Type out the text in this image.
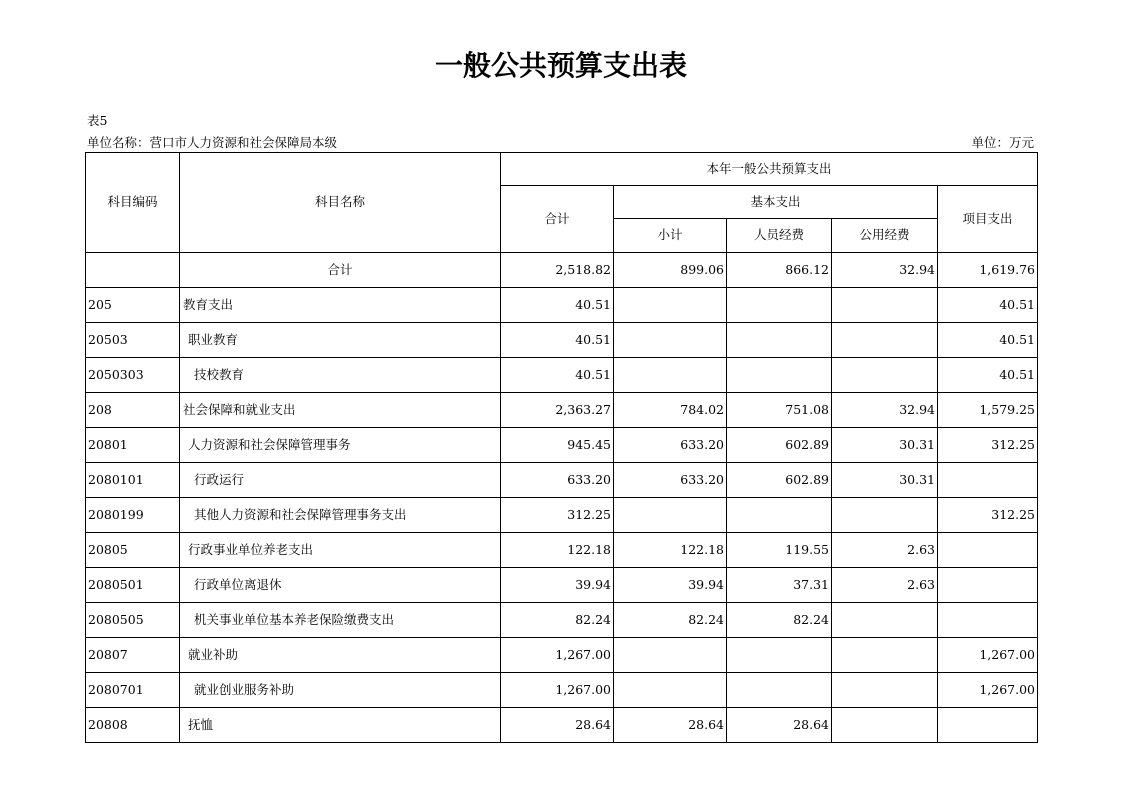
一般公共预算支出表
表5
单位名称：营口市人力资源和社会保障局本级	单位：万元
科目编码	科目名称	本年一般公共预算支出				
		合计	基本支出			项目支出
			小计	人员经费	公用经费	
	合计	2,518.82	899.06	866.12	32.94	1,619.76
205	教育支出	40.51				40.51
20503	职业教育	40.51				40.51
2050303	技校教育	40.51				40.51
208	社会保障和就业支出	2,363.27	784.02	751.08	32.94	1,579.25
20801	人力资源和社会保障管理事务	945.45	633.20	602.89	30.31	312.25
2080101	行政运行	633.20	633.20	602.89	30.31	
2080199	其他人力资源和社会保障管理事务支出	312.25				312.25
20805	行政事业单位养老支出	122.18	122.18	119.55	2.63	
2080501	行政单位离退休	39.94	39.94	37.31	2.63	
2080505	机关事业单位基本养老保险缴费支出	82.24	82.24	82.24		
20807	就业补助	1,267.00				1,267.00
2080701	就业创业服务补助	1,267.00				1,267.00
20808	抚恤	28.64	28.64	28.64		
